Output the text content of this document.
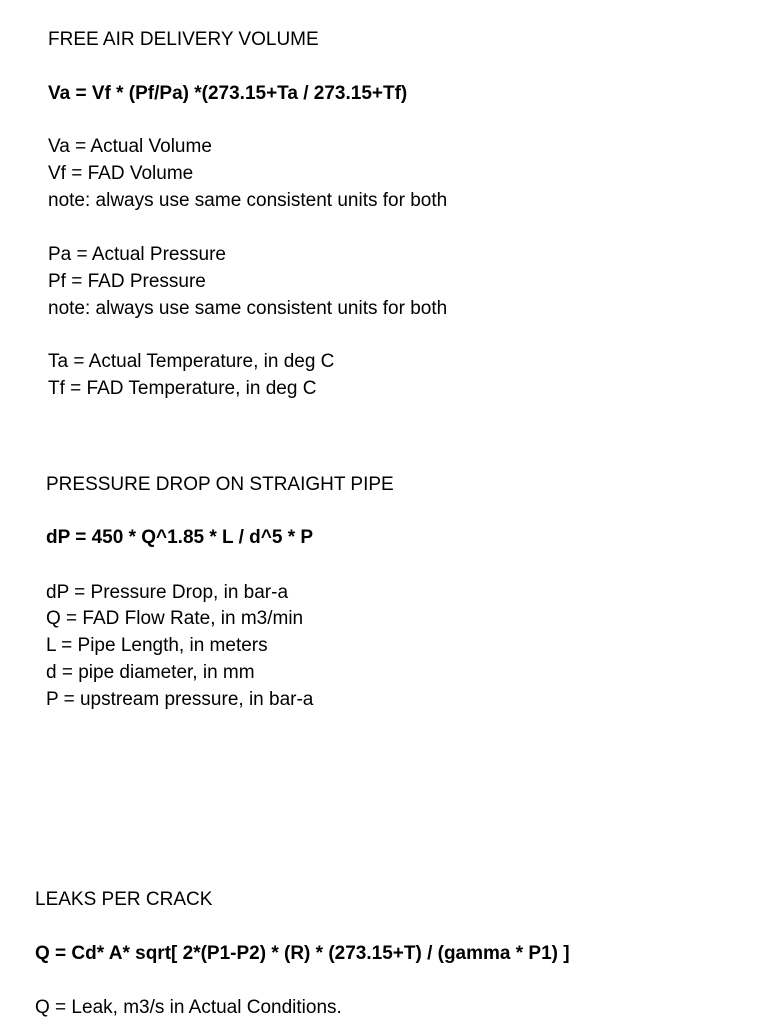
FREE AIR DELIVERY VOLUME
Va = Vf * (Pf/Pa) *(273.15+Ta / 273.15+Tf)
Va = Actual Volume
Vf = FAD Volume
note: always use same consistent units for both
Pa = Actual Pressure
Pf = FAD Pressure
note: always use same consistent units for both
Ta = Actual Temperature, in deg C
Tf = FAD Temperature, in deg C
PRESSURE DROP ON STRAIGHT PIPE
dP = 450 * Q^1.85 * L / d^5 * P
dP = Pressure Drop, in bar-a
Q = FAD Flow Rate, in m3/min
L = Pipe Length, in meters
d = pipe diameter, in mm
P = upstream pressure, in bar-a
LEAKS PER CRACK
Q = Cd* A* sqrt[ 2*(P1-P2) * (R) * (273.15+T) / (gamma * P1) ]
Q = Leak, m3/s in Actual Conditions.
